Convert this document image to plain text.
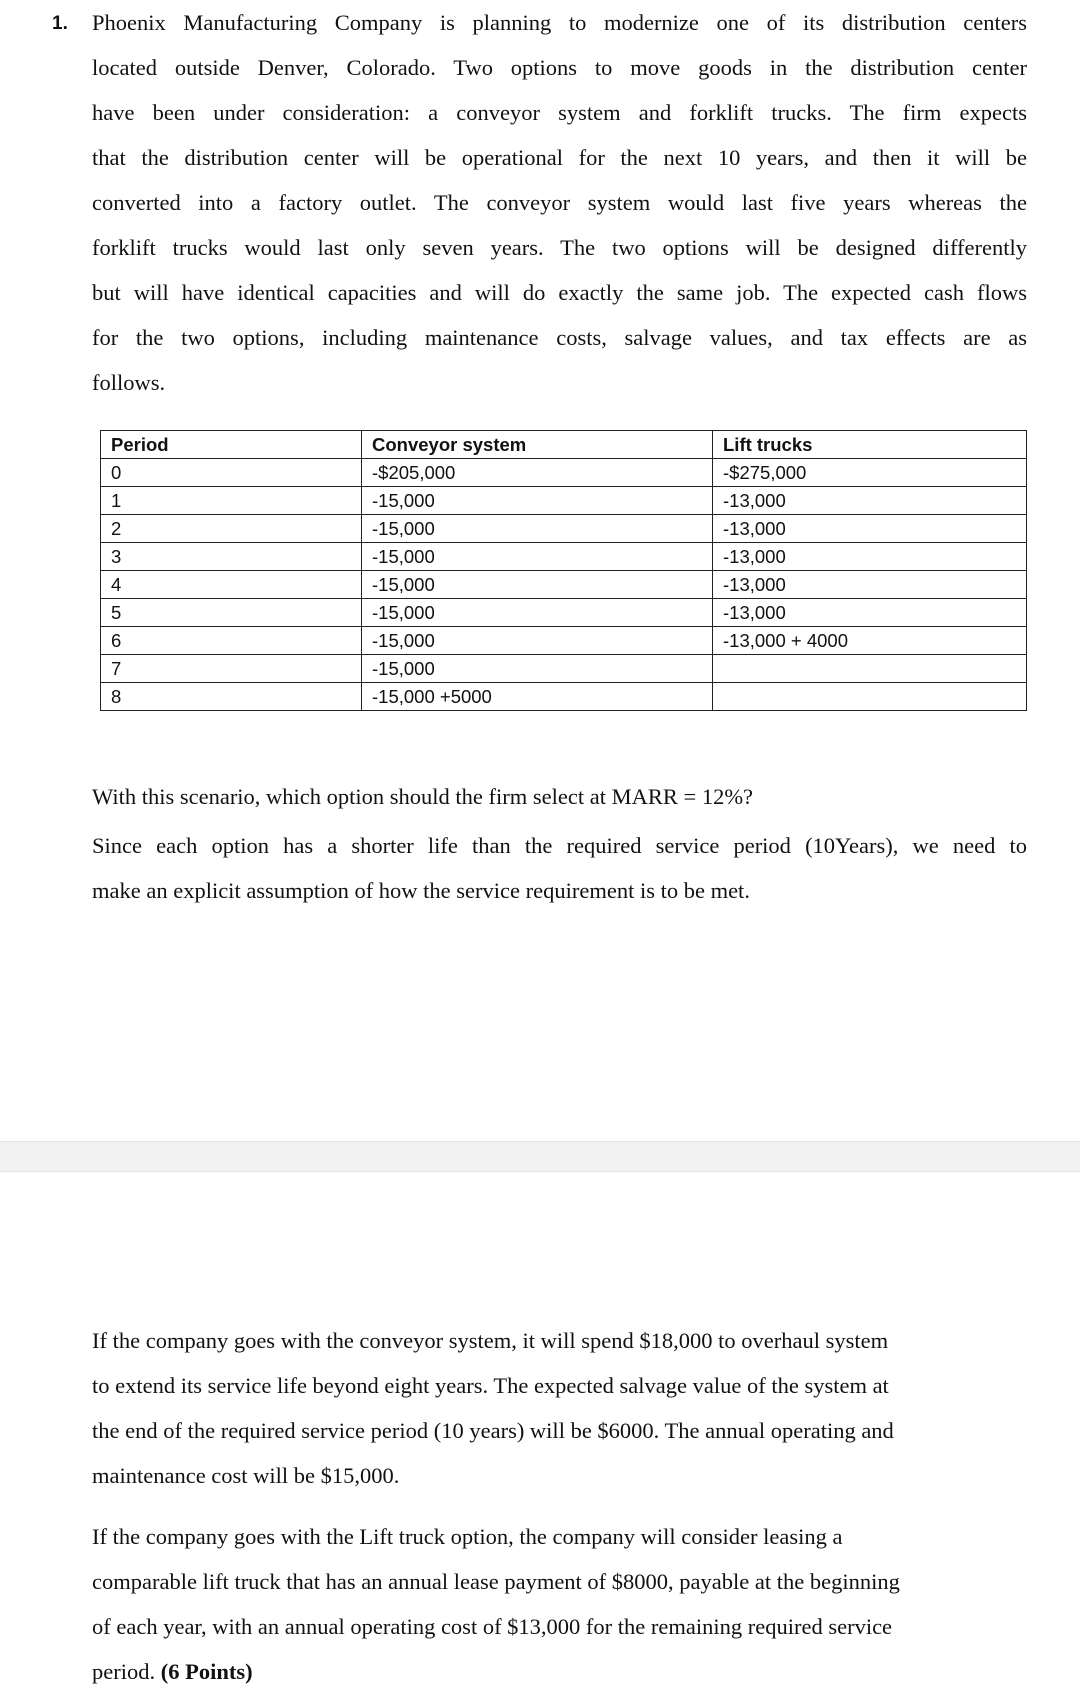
1. Phoenix Manufacturing Company is planning to modernize one of its distribution centers
located outside Denver, Colorado. Two options to move goods in the distribution center
have been under consideration: a conveyor system and forklift trucks. The firm expects
that the distribution center will be operational for the next 10 years, and then it will be
converted into a factory outlet. The conveyor system would last five years whereas the
forklift trucks would last only seven years. The two options will be designed differently
but will have identical capacities and will do exactly the same job. The expected cash flows
for the two options, including maintenance costs, salvage values, and tax effects are as
follows.
Period	Conveyor system	Lift trucks
0	-$205,000	-$275,000
1	-15,000	-13,000
2	-15,000	-13,000
3	-15,000	-13,000
4	-15,000	-13,000
5	-15,000	-13,000
6	-15,000	-13,000 + 4000
7	-15,000	
8	-15,000 +5000	
With this scenario, which option should the firm select at MARR = 12%?
Since each option has a shorter life than the required service period (10Years), we need to
make an explicit assumption of how the service requirement is to be met.
If the company goes with the conveyor system, it will spend $18,000 to overhaul system
to extend its service life beyond eight years. The expected salvage value of the system at
the end of the required service period (10 years) will be $6000. The annual operating and
maintenance cost will be $15,000.
If the company goes with the Lift truck option, the company will consider leasing a
comparable lift truck that has an annual lease payment of $8000, payable at the beginning
of each year, with an annual operating cost of $13,000 for the remaining required service
period. (6 Points)
